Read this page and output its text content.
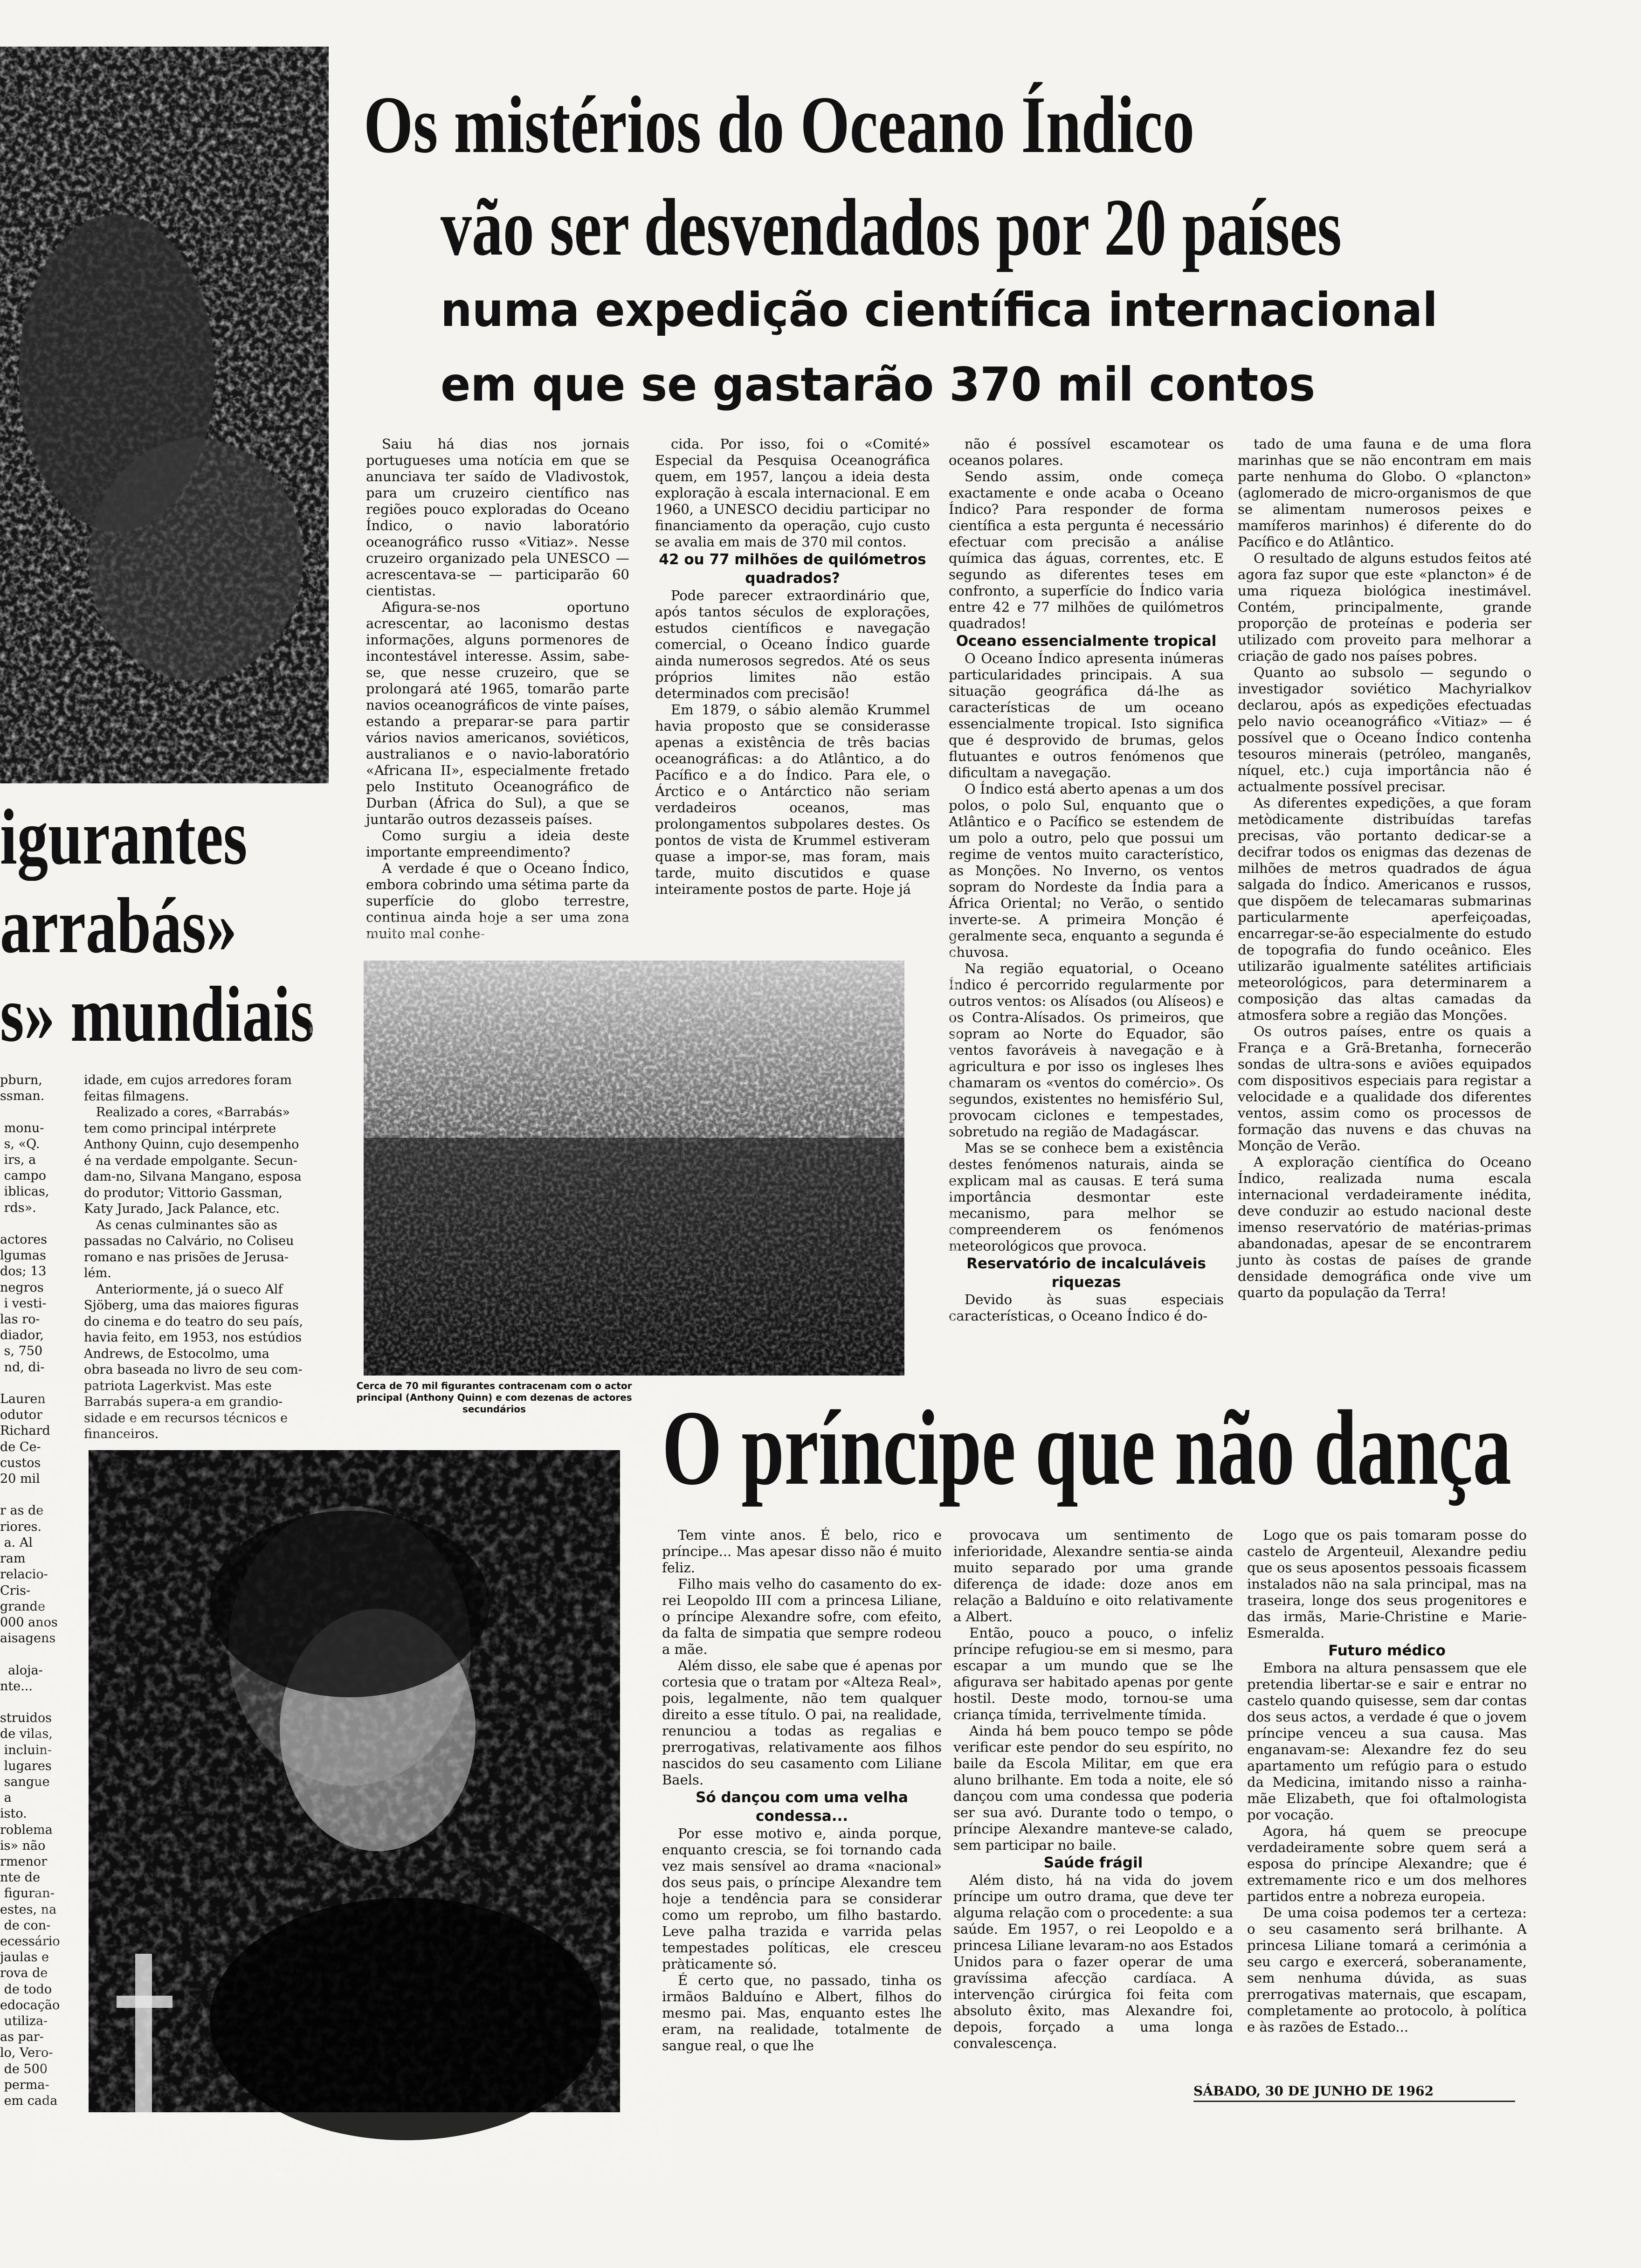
igurantes
arrabás»
s» mundiais
pburn,
ssman.

monu-
s, «Q.
irs, a
campo
iblicas,
rds».

actores
lgumas
dos; 13
negros
i vesti-
las ro-
diador,
s, 750
nd, di-

Lauren
odutor
Richard
de Ce-
custos
20 mil

r as de
riores.
a. Al
ram
relacio-
Cris-
grande
000 anos
aisagens

aloja-
nte...

struidos
de vilas,
incluin-
lugares
sangue
a
isto.
roblema
is» não
rmenor
nte de
figuran-
estes, na
de con-
ecessário
jaulas e
rova de
de todo
edocação
utiliza-
as par-
lo, Vero-
de 500
perma-
em cada
idade, em cujos arredores foram
feitas filmagens.
Realizado a cores, «Barrabás»
tem como principal intérprete
Anthony Quinn, cujo desempenho
é na verdade empolgante. Secun-
dam-no, Silvana Mangano, esposa
do produtor; Vittorio Gassman,
Katy Jurado, Jack Palance, etc.
As cenas culminantes são as
passadas no Calvário, no Coliseu
romano e nas prisões de Jerusa-
lém.
Anteriormente, já o sueco Alf
Sjöberg, uma das maiores figuras
do cinema e do teatro do seu país,
havia feito, em 1953, nos estúdios
Andrews, de Estocolmo, uma
obra baseada no livro de seu com-
patriota Lagerkvist. Mas este
Barrabás supera-a em grandio-
sidade e em recursos técnicos e
financeiros.
Os mistérios do Oceano Índico
vão ser desvendados por 20 países
numa expedição científica internacional
em que se gastarão 370 mil contos

Saiu há dias nos jornais portugueses uma notícia em que se anunciava ter saído de Vladivostok, para um cruzeiro científico nas regiões pouco exploradas do Oceano Índico, o navio laboratório oceanográfico russo «Vitiaz». Nesse cruzeiro organizado pela UNESCO — acrescentava-se — participarão 60 cientistas.

Afigura-se-nos oportuno acrescentar, ao laconismo destas informações, alguns pormenores de incontestável interesse. Assim, sabe-se, que nesse cruzeiro, que se prolongará até 1965, tomarão parte navios oceanográficos de vinte países, estando a preparar-se para partir vários navios americanos, soviéticos, australianos e o navio-laboratório «Africana II», especialmente fretado pelo Instituto Oceanográfico de Durban (África do Sul), a que se juntarão outros dezasseis países.

Como surgiu a ideia deste importante empreendimento?

A verdade é que o Oceano Índico, embora cobrindo uma sétima parte da superfície do globo terrestre, continua ainda hoje a ser uma zona muito mal conhe-

cida. Por isso, foi o «Comité» Especial da Pesquisa Oceanográfica quem, em 1957, lançou a ideia desta exploração à escala internacional. E em 1960, a UNESCO decidiu participar no financiamento da operação, cujo custo se avalia em mais de 370 mil contos.

42 ou 77 milhões de quilómetros quadrados?

Pode parecer extraordinário que, após tantos séculos de explorações, estudos científicos e navegação comercial, o Oceano Índico guarde ainda numerosos segredos. Até os seus próprios limites não estão determinados com precisão!

Em 1879, o sábio alemão Krummel havia proposto que se considerasse apenas a existência de três bacias oceanográficas: a do Atlântico, a do Pacífico e a do Índico. Para ele, o Árctico e o Antárctico não seriam verdadeiros oceanos, mas prolongamentos subpolares destes. Os pontos de vista de Krummel estiveram quase a impor-se, mas foram, mais tarde, muito discutidos e quase inteiramente postos de parte. Hoje já

não é possível escamotear os oceanos polares.

Sendo assim, onde começa exactamente e onde acaba o Oceano Índico? Para responder de forma científica a esta pergunta é necessário efectuar com precisão a análise química das águas, correntes, etc. E segundo as diferentes teses em confronto, a superfície do Índico varia entre 42 e 77 milhões de quilómetros quadrados!

Oceano essencialmente tropical

O Oceano Índico apresenta inúmeras particularidades principais. A sua situação geográfica dá-lhe as características de um oceano essencialmente tropical. Isto significa que é desprovido de brumas, gelos flutuantes e outros fenómenos que dificultam a navegação.

O Índico está aberto apenas a um dos polos, o polo Sul, enquanto que o Atlântico e o Pacífico se estendem de um polo a outro, pelo que possui um regime de ventos muito característico, as Monções. No Inverno, os ventos sopram do Nordeste da Índia para a África Oriental; no Verão, o sentido inverte-se. A primeira Monção é geralmente seca, enquanto a segunda é chuvosa.

Na região equatorial, o Oceano Índico é percorrido regularmente por outros ventos: os Alísados (ou Alíseos) e os Contra-Alísados. Os primeiros, que sopram ao Norte do Equador, são ventos favoráveis à navegação e à agricultura e por isso os ingleses lhes chamaram os «ventos do comércio». Os segundos, existentes no hemisfério Sul, provocam ciclones e tempestades, sobretudo na região de Madagáscar.

Mas se se conhece bem a existência destes fenómenos naturais, ainda se explicam mal as causas. E terá suma importância desmontar este mecanismo, para melhor se compreenderem os fenómenos meteorológicos que provoca.

Reservatório de incalculáveis riquezas

Devido às suas especiais características, o Oceano Índico é do-

tado de uma fauna e de uma flora marinhas que se não encontram em mais parte nenhuma do Globo. O «plancton» (aglomerado de micro-organismos de que se alimentam numerosos peixes e mamíferos marinhos) é diferente do do Pacífico e do Atlântico.

O resultado de alguns estudos feitos até agora faz supor que este «plancton» é de uma riqueza biológica inestimável. Contém, principalmente, grande proporção de proteínas e poderia ser utilizado com proveito para melhorar a criação de gado nos países pobres.

Quanto ao subsolo — segundo o investigador soviético Machyrialkov declarou, após as expedições efectuadas pelo navio oceanográfico «Vitiaz» — é possível que o Oceano Índico contenha tesouros minerais (petróleo, manganês, níquel, etc.) cuja importância não é actualmente possível precisar.

As diferentes expedições, a que foram metòdicamente distribuídas tarefas precisas, vão portanto dedicar-se a decifrar todos os enigmas das dezenas de milhões de metros quadrados de água salgada do Índico. Americanos e russos, que dispõem de telecamaras submarinas particularmente aperfeiçoadas, encarregar-se-ão especialmente do estudo de topografia do fundo oceânico. Eles utilizarão igualmente satélites artificiais meteorológicos, para determinarem a composição das altas camadas da atmosfera sobre a região das Monções.

Os outros países, entre os quais a França e a Grã-Bretanha, fornecerão sondas de ultra-sons e aviões equipados com dispositivos especiais para registar a velocidade e a qualidade dos diferentes ventos, assim como os processos de formação das nuvens e das chuvas na Monção de Verão.

A exploração científica do Oceano Índico, realizada numa escala internacional verdadeiramente inédita, deve conduzir ao estudo nacional deste imenso reservatório de matérias-primas abandonadas, apesar de se encontrarem junto às costas de países de grande densidade demográfica onde vive um quarto da população da Terra!

Cerca de 70 mil figurantes contracenam com o actor principal (Anthony Quinn) e com dezenas de actores secundários	O príncipe que não dança

Tem vinte anos. É belo, rico e príncipe... Mas apesar disso não é muito feliz.

Filho mais velho do casamento do ex-rei Leopoldo III com a princesa Liliane, o príncipe Alexandre sofre, com efeito, da falta de simpatia que sempre rodeou a mãe.

Além disso, ele sabe que é apenas por cortesia que o tratam por «Alteza Real», pois, legalmente, não tem qualquer direito a esse título. O pai, na realidade, renunciou a todas as regalias e prerrogativas, relativamente aos filhos nascidos do seu casamento com Liliane Baels.

Só dançou com uma velha condessa...

Por esse motivo e, ainda porque, enquanto crescia, se foi tornando cada vez mais sensível ao drama «nacional» dos seus pais, o príncipe Alexandre tem hoje a tendência para se considerar como um reprobo, um filho bastardo. Leve palha trazida e varrida pelas tempestades políticas, ele cresceu pràticamente só.

É certo que, no passado, tinha os irmãos Balduíno e Albert, filhos do mesmo pai. Mas, enquanto estes lhe eram, na realidade, totalmente de sangue real, o que lhe

provocava um sentimento de inferioridade, Alexandre sentia-se ainda muito separado por uma grande diferença de idade: doze anos em relação a Balduíno e oito relativamente a Albert.

Então, pouco a pouco, o infeliz príncipe refugiou-se em si mesmo, para escapar a um mundo que se lhe afigurava ser habitado apenas por gente hostil. Deste modo, tornou-se uma criança tímida, terrivelmente tímida.

Ainda há bem pouco tempo se pôde verificar este pendor do seu espírito, no baile da Escola Militar, em que era aluno brilhante. Em toda a noite, ele só dançou com uma condessa que poderia ser sua avó. Durante todo o tempo, o príncipe Alexandre manteve-se calado, sem participar no baile.

Saúde frágil

Além disto, há na vida do jovem príncipe um outro drama, que deve ter alguma relação com o procedente: a sua saúde. Em 1957, o rei Leopoldo e a princesa Liliane levaram-no aos Estados Unidos para o fazer operar de uma gravíssima afecção cardíaca. A intervenção cirúrgica foi feita com absoluto êxito, mas Alexandre foi, depois, forçado a uma longa convalescença.

Logo que os pais tomaram posse do castelo de Argenteuil, Alexandre pediu que os seus aposentos pessoais ficassem instalados não na sala principal, mas na traseira, longe dos seus progenitores e das irmãs, Marie-Christine e Marie-Esmeralda.

Futuro médico

Embora na altura pensassem que ele pretendia libertar-se e sair e entrar no castelo quando quisesse, sem dar contas dos seus actos, a verdade é que o jovem príncipe venceu a sua causa. Mas enganavam-se: Alexandre fez do seu apartamento um refúgio para o estudo da Medicina, imitando nisso a rainha-mãe Elizabeth, que foi oftalmologista por vocação.

Agora, há quem se preocupe verdadeiramente sobre quem será a esposa do príncipe Alexandre; que é extremamente rico e um dos melhores partidos entre a nobreza europeia.

De uma coisa podemos ter a certeza: o seu casamento será brilhante. A princesa Liliane tomará a cerimónia a seu cargo e exercerá, soberanamente, sem nenhuma dúvida, as suas prerrogativas maternais, que escapam, completamente ao protocolo, à política e às razões de Estado...

SÁBADO, 30 DE JUNHO DE 1962
